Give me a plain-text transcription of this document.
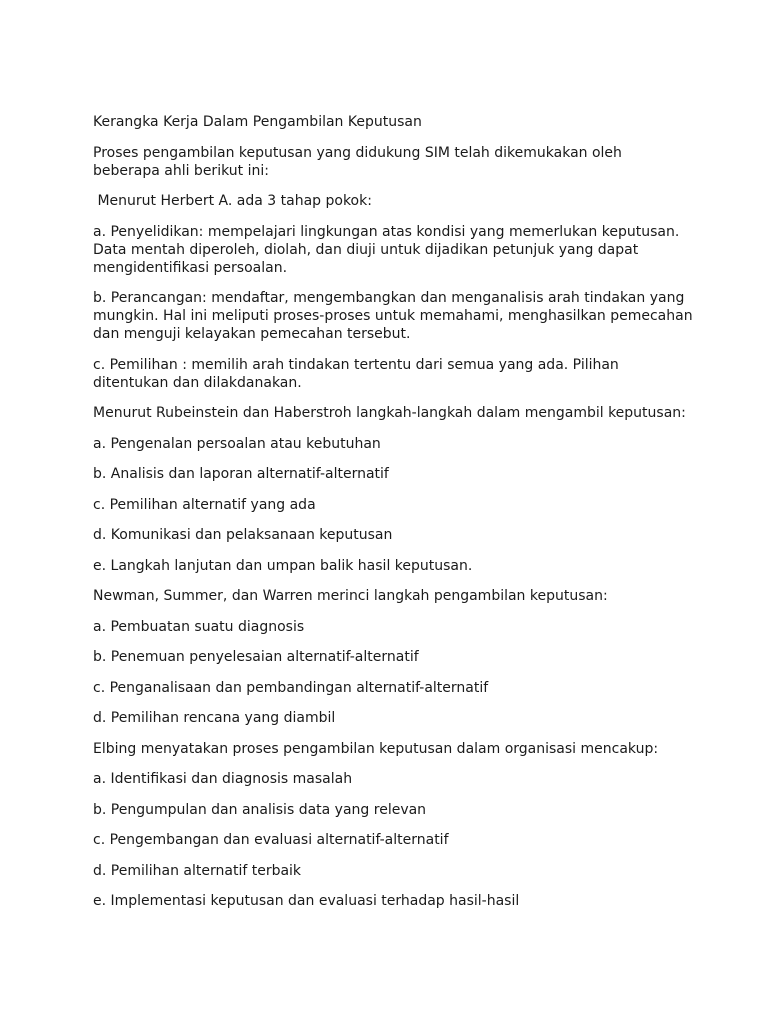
Kerangka Kerja Dalam Pengambilan Keputusan

Proses pengambilan keputusan yang didukung SIM telah dikemukakan oleh beberapa ahli berikut ini:

Menurut Herbert A. ada 3 tahap pokok:

a. Penyelidikan: mempelajari lingkungan atas kondisi yang memerlukan keputusan. Data mentah diperoleh, diolah, dan diuji untuk dijadikan petunjuk yang dapat mengidentifikasi persoalan.

b. Perancangan: mendaftar, mengembangkan dan menganalisis arah tindakan yang mungkin. Hal ini meliputi proses-proses untuk memahami, menghasilkan pemecahan dan menguji kelayakan pemecahan tersebut.

c. Pemilihan : memilih arah tindakan tertentu dari semua yang ada. Pilihan ditentukan dan dilakdanakan.

Menurut Rubeinstein dan Haberstroh langkah-langkah dalam mengambil keputusan:

a. Pengenalan persoalan atau kebutuhan

b. Analisis dan laporan alternatif-alternatif

c. Pemilihan alternatif yang ada

d. Komunikasi dan pelaksanaan keputusan

e. Langkah lanjutan dan umpan balik hasil keputusan.

Newman, Summer, dan Warren merinci langkah pengambilan keputusan:

a. Pembuatan suatu diagnosis

b. Penemuan penyelesaian alternatif-alternatif

c. Penganalisaan dan pembandingan alternatif-alternatif

d. Pemilihan rencana yang diambil

Elbing menyatakan proses pengambilan keputusan dalam organisasi mencakup:

a. Identifikasi dan diagnosis masalah

b. Pengumpulan dan analisis data yang relevan

c. Pengembangan dan evaluasi alternatif-alternatif

d. Pemilihan alternatif terbaik

e. Implementasi keputusan dan evaluasi terhadap hasil-hasil
